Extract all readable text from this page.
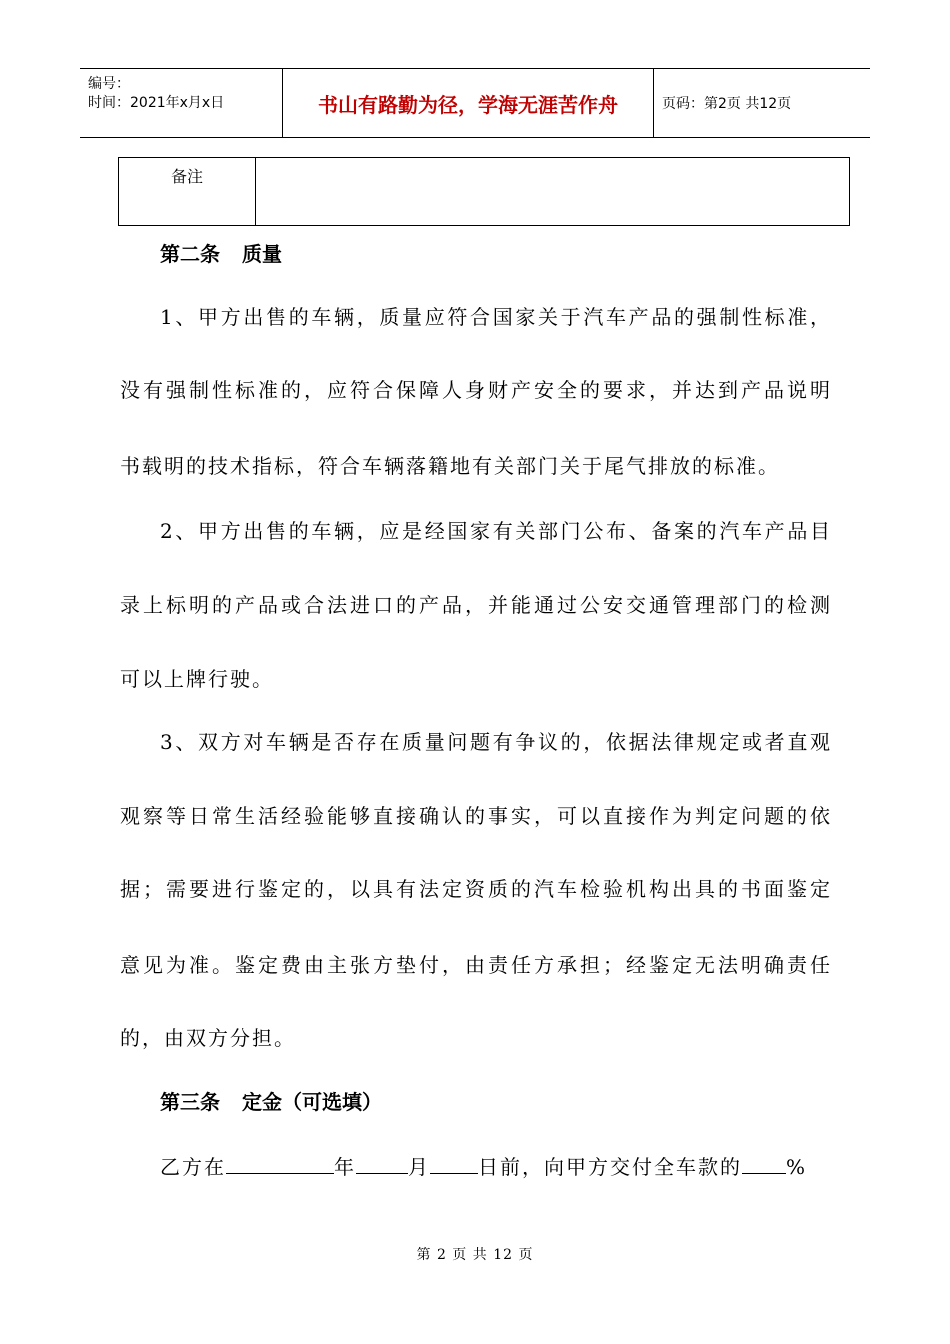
编号：
时间：2021年x月x日	书山有路勤为径，学海无涯苦作舟	页码：第2页 共12页
备注
第二条 质量
1、甲方出售的车辆，质量应符合国家关于汽车产品的强制性标准，
没有强制性标准的，应符合保障人身财产安全的要求，并达到产品说明
书载明的技术指标，符合车辆落籍地有关部门关于尾气排放的标准。
2、甲方出售的车辆，应是经国家有关部门公布、备案的汽车产品目
录上标明的产品或合法进口的产品，并能通过公安交通管理部门的检测
可以上牌行驶。
3、双方对车辆是否存在质量问题有争议的，依据法律规定或者直观
观察等日常生活经验能够直接确认的事实，可以直接作为判定问题的依
据；需要进行鉴定的，以具有法定资质的汽车检验机构出具的书面鉴定
意见为准。鉴定费由主张方垫付，由责任方承担；经鉴定无法明确责任
的，由双方分担。
第三条 定金（可选填）
乙方在	年	月 日前，向甲方交付全车款的 %
第 2 页 共 12 页
